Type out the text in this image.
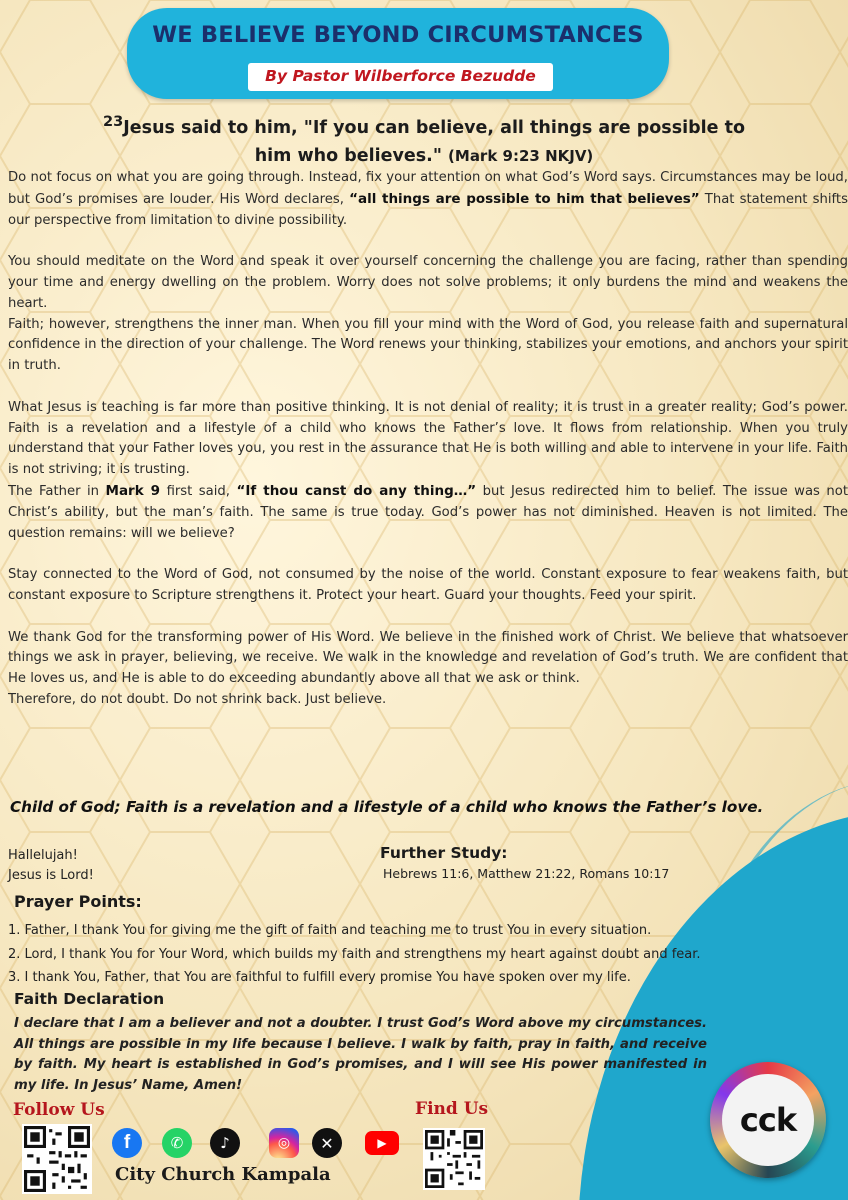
WE BELIEVE BEYOND CIRCUMSTANCES
By Pastor Wilberforce Bezudde
$^{23}$Jesus said to him, "If you can believe, all things are possible to
him who believes." (Mark 9:23 NKJV)

Do not focus on what you are going through. Instead, fix your attention on what God’s Word says. Circumstances may be loud, but God’s promises are louder. His Word declares, “all things are possible to him that believes” That statement shifts our perspective from limitation to divine possibility.

You should meditate on the Word and speak it over yourself concerning the challenge you are facing, rather than spending your time and energy dwelling on the problem. Worry does not solve problems; it only burdens the mind and weakens the heart.

Faith; however, strengthens the inner man. When you fill your mind with the Word of God, you release faith and supernatural confidence in the direction of your challenge. The Word renews your thinking, stabilizes your emotions, and anchors your spirit in truth.

What Jesus is teaching is far more than positive thinking. It is not denial of reality; it is trust in a greater reality; God’s power. Faith is a revelation and a lifestyle of a child who knows the Father’s love. It flows from relationship. When you truly understand that your Father loves you, you rest in the assurance that He is both willing and able to intervene in your life. Faith is not striving; it is trusting.

The Father in Mark 9 first said, “If thou canst do any thing…” but Jesus redirected him to belief. The issue was not Christ’s ability, but the man’s faith. The same is true today. God’s power has not diminished. Heaven is not limited. The question remains: will we believe?

Stay connected to the Word of God, not consumed by the noise of the world. Constant exposure to fear weakens faith, but constant exposure to Scripture strengthens it. Protect your heart. Guard your thoughts. Feed your spirit.

We thank God for the transforming power of His Word. We believe in the finished work of Christ. We believe that whatsoever things we ask in prayer, believing, we receive. We walk in the knowledge and revelation of God’s truth. We are confident that He loves us, and He is able to do exceeding abundantly above all that we ask or think.

Therefore, do not doubt. Do not shrink back. Just believe.

Child of God; Faith is a revelation and a lifestyle of a child who knows the Father’s love.
Hallelujah!
Jesus is Lord!
Further Study:
Hebrews 11:6, Matthew 21:22, Romans 10:17
Prayer Points:
1. Father, I thank You for giving me the gift of faith and teaching me to trust You in every situation.
2. Lord, I thank You for Your Word, which builds my faith and strengthens my heart against doubt and fear.
3. I thank You, Father, that You are faithful to fulfill every promise You have spoken over my life.
Faith Declaration
I declare that I am a believer and not a doubter. I trust God’s Word above my circumstances. All things are possible in my life because I believe. I walk by faith, pray in faith, and receive by faith. My heart is established in God’s promises, and I will see His power manifested in my life. In Jesus’ Name, Amen!
Follow Us	Find Us
f	✆	♪	◎	✕	▶
City Church Kampala
cck
